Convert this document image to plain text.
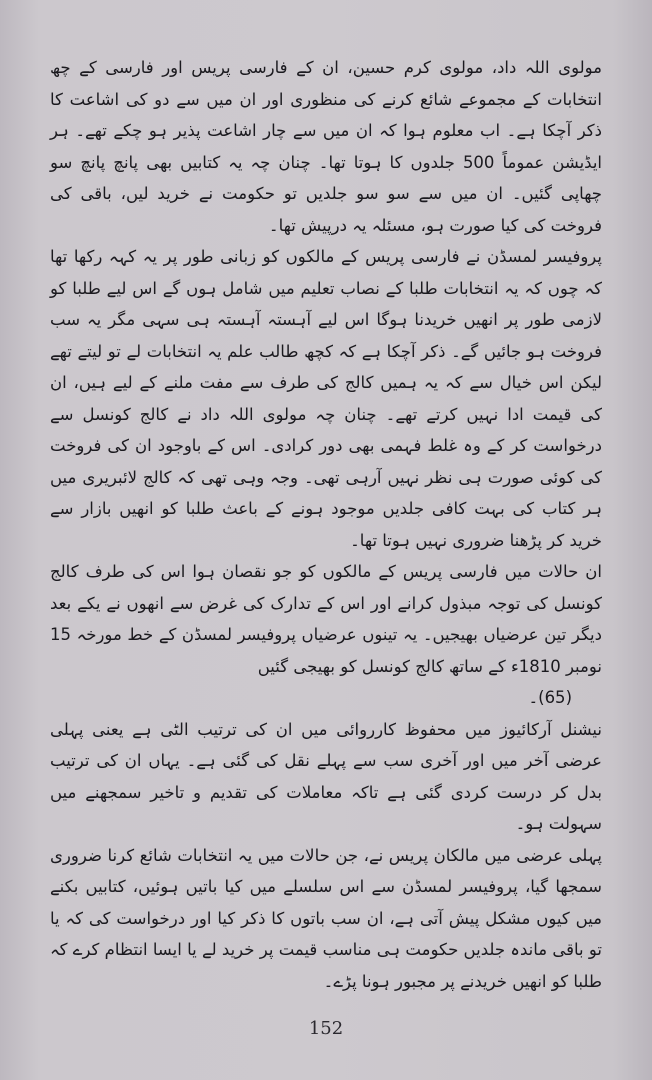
مولوی اللہ داد، مولوی کرم حسین، ان کے فارسی پریس اور فارسی کے چھ انتخابات کے مجموعے شائع کرنے کی منظوری اور ان میں سے دو کی اشاعت کا ذکر آچکا ہے۔ اب معلوم ہوا کہ ان میں سے چار اشاعت پذیر ہو چکے تھے۔ ہر ایڈیشن عموماً 500 جلدوں کا ہوتا تھا۔ چنان چہ یہ کتابیں بھی پانچ پانچ سو چھاپی گئیں۔ ان میں سے سو سو جلدیں تو حکومت نے خرید لیں، باقی کی فروخت کی کیا صورت ہو، مسئلہ یہ درپیش تھا۔

پروفیسر لمسڈن نے فارسی پریس کے مالکوں کو زبانی طور پر یہ کہہ رکھا تھا کہ چوں کہ یہ انتخابات طلبا کے نصاب تعلیم میں شامل ہوں گے اس لیے طلبا کو لازمی طور پر انھیں خریدنا ہوگا اس لیے آہستہ آہستہ ہی سہی مگر یہ سب فروخت ہو جائیں گے۔ ذکر آچکا ہے کہ کچھ طالب علم یہ انتخابات لے تو لیتے تھے لیکن اس خیال سے کہ یہ ہمیں کالج کی طرف سے مفت ملنے کے لیے ہیں، ان کی قیمت ادا نہیں کرتے تھے۔ چنان چہ مولوی اللہ داد نے کالج کونسل سے درخواست کر کے وہ غلط فہمی بھی دور کرادی۔ اس کے باوجود ان کی فروخت کی کوئی صورت ہی نظر نہیں آرہی تھی۔ وجہ وہی تھی کہ کالج لائبریری میں ہر کتاب کی بہت کافی جلدیں موجود ہونے کے باعث طلبا کو انھیں بازار سے خرید کر پڑھنا ضروری نہیں ہوتا تھا۔

ان حالات میں فارسی پریس کے مالکوں کو جو نقصان ہوا اس کی طرف کالج کونسل کی توجہ مبذول کرانے اور اس کے تدارک کی غرض سے انھوں نے یکے بعد دیگر تین عرضیاں بھیجیں۔ یہ تینوں عرضیاں پروفیسر لمسڈن کے خط مورخہ 15 نومبر 1810ء کے ساتھ کالج کونسل کو بھیجی گئیں

(65)۔

نیشنل آرکائیوز میں محفوظ کارروائی میں ان کی ترتیب الٹی ہے یعنی پہلی عرضی آخر میں اور آخری سب سے پہلے نقل کی گئی ہے۔ یہاں ان کی ترتیب بدل کر درست کردی گئی ہے تاکہ معاملات کی تقدیم و تاخیر سمجھنے میں سہولت ہو۔

پہلی عرضی میں مالکان پریس نے، جن حالات میں یہ انتخابات شائع کرنا ضروری سمجھا گیا، پروفیسر لمسڈن سے اس سلسلے میں کیا باتیں ہوئیں، کتابیں بکنے میں کیوں مشکل پیش آتی ہے، ان سب باتوں کا ذکر کیا اور درخواست کی کہ یا تو باقی ماندہ جلدیں حکومت ہی مناسب قیمت پر خرید لے یا ایسا انتظام کرے کہ طلبا کو انھیں خریدنے پر مجبور ہونا پڑے۔

152
